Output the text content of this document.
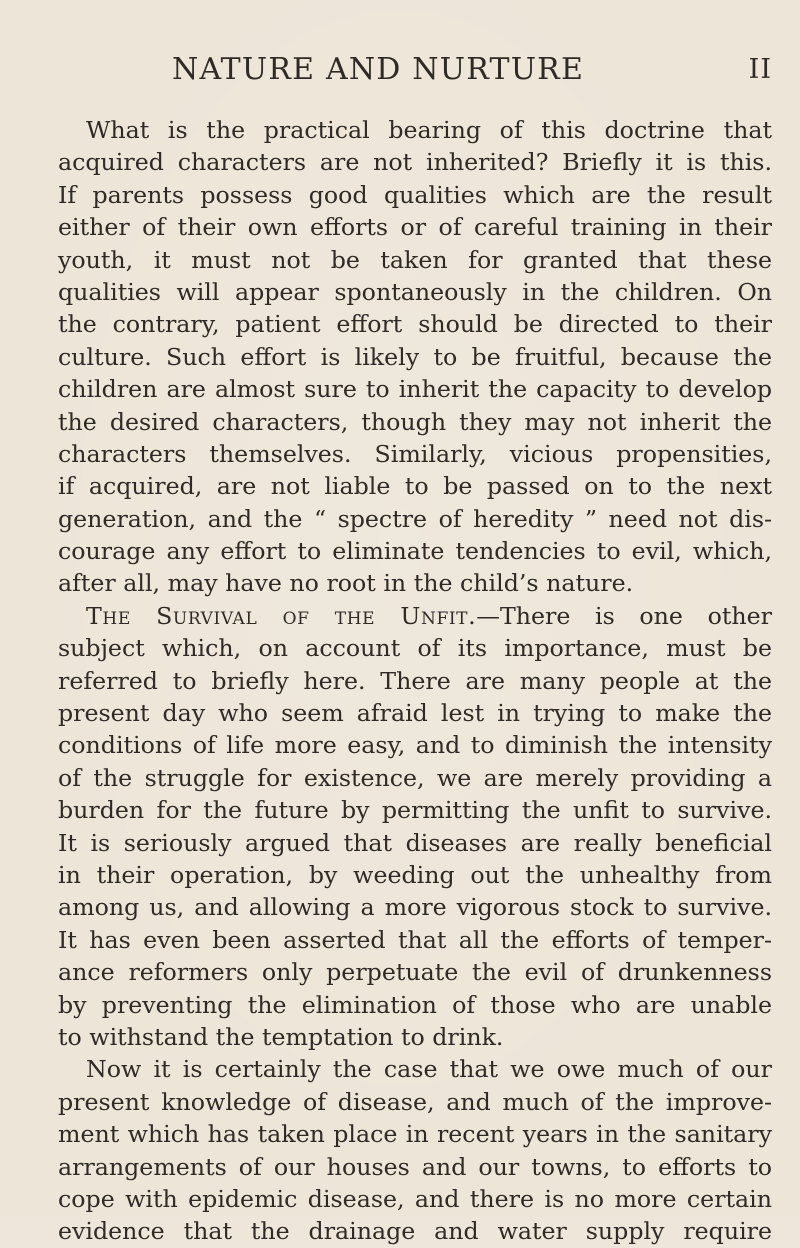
NATURE AND NURTURE	II
What is the practical bearing of this doctrine that
acquired characters are not inherited? Briefly it is this.
If parents possess good qualities which are the result
either of their own efforts or of careful training in their
youth, it must not be taken for granted that these
qualities will appear spontaneously in the children. On
the contrary, patient effort should be directed to their
culture. Such effort is likely to be fruitful, because the
children are almost sure to inherit the capacity to develop
the desired characters, though they may not inherit the
characters themselves. Similarly, vicious propensities,
if acquired, are not liable to be passed on to the next
generation, and the “ spectre of heredity ” need not dis-
courage any effort to eliminate tendencies to evil, which,
after all, may have no root in the child’s nature.
The Survival of the Unfit.—There is one other
subject which, on account of its importance, must be
referred to briefly here. There are many people at the
present day who seem afraid lest in trying to make the
conditions of life more easy, and to diminish the intensity
of the struggle for existence, we are merely providing a
burden for the future by permitting the unfit to survive.
It is seriously argued that diseases are really beneficial
in their operation, by weeding out the unhealthy from
among us, and allowing a more vigorous stock to survive.
It has even been asserted that all the efforts of temper-
ance reformers only perpetuate the evil of drunkenness
by preventing the elimination of those who are unable
to withstand the temptation to drink.
Now it is certainly the case that we owe much of our
present knowledge of disease, and much of the improve-
ment which has taken place in recent years in the sanitary
arrangements of our houses and our towns, to efforts to
cope with epidemic disease, and there is no more certain
evidence that the drainage and water supply require
